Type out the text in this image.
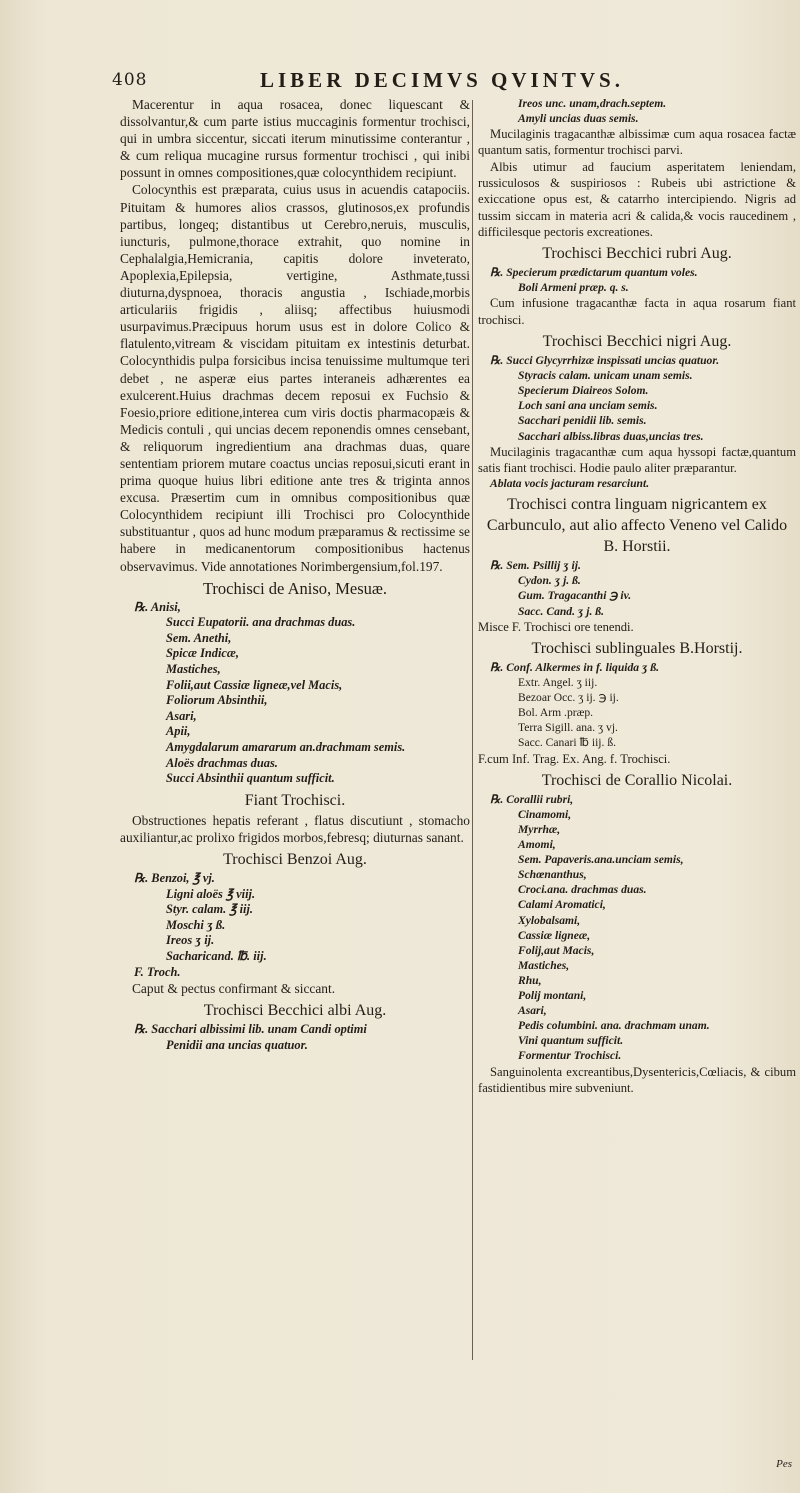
408	LIBER DECIMVS QVINTVS.

Macerentur in aqua rosacea, donec liquescant & dissolvantur,& cum parte istius muccaginis formentur trochisci, qui in umbra siccentur, siccati iterum minutissime conterantur , & cum reliqua mucagine rursus formentur trochisci , qui inibi possunt in omnes compositiones,quæ colocynthidem recipiunt.

Colocynthis est præparata, cuius usus in acuendis catapociis. Pituitam & humores alios crassos, glutinosos,ex profundis partibus, longeq; distantibus ut Cerebro,neruis, musculis, iuncturis, pulmone,thorace extrahit, quo nomine in Cephalalgia,Hemicrania, capitis dolore inveterato, Apoplexia,Epilepsia, vertigine, Asthmate,tussi diuturna,dyspnoea, thoracis angustia , Ischiade,morbis articulariis frigidis , aliisq; affectibus huiusmodi usurpavimus.Præcipuus horum usus est in dolore Colico & flatulento,vitream & viscidam pituitam ex intestinis deturbat. Colocynthidis pulpa forsicibus incisa tenuissime multumque teri debet , ne asperæ eius partes interaneis adhærentes ea exulcerent.Huius drachmas decem reposui ex Fuchsio & Foesio,priore editione,interea cum viris doctis pharmacopæis & Medicis contuli , qui uncias decem reponendis omnes censebant, & reliquorum ingredientium ana drachmas duas, quare sententiam priorem mutare coactus uncias reposui,sicuti erant in prima quoque huius libri editione ante tres & triginta annos excusa. Præsertim cum in omnibus compositionibus quæ Colocynthidem recipiunt illi Trochisci pro Colocynthide substituantur , quos ad hunc modum præparamus & rectissime se habere in medicanentorum compositionibus hactenus observavimus. Vide annotationes Norimbergensium,fol.197.

Trochisci de Aniso, Mesuæ.
℞. Anisi,
Succi Eupatorii. ana drachmas duas.
Sem. Anethi,
Spicæ Indicæ,
Mastiches,
Folii,aut Cassiæ ligneæ,vel Macis,
Foliorum Absinthii,
Asari,
Apii,
Amygdalarum amararum an.drachmam semis.
Aloës drachmas duas.
Succi Absinthii quantum sufficit.
Fiant Trochisci.

Obstructiones hepatis referant , flatus discutiunt , stomacho auxiliantur,ac prolixo frigidos morbos,febresq; diuturnas sanant.

Trochisci Benzoi Aug.
℞. Benzoi, ℥ vj.
Ligni aloës ℥ viij.
Styr. calam. ℥ iij.
Moschi ʒ ß.
Ireos ʒ ij.
Sacharicand. ℔. iij.
F. Troch.

Caput & pectus confirmant & siccant.

Trochisci Becchici albi Aug.
℞. Sacchari albissimi lib. unam Candi optimi
Penidii ana uncias quatuor.
Ireos unc. unam,drach.septem.
Amyli uncias duas semis.

Mucilaginis tragacanthæ albissimæ cum aqua rosacea factæ quantum satis, formentur trochisci parvi.

Albis utimur ad faucium asperitatem leniendam, russiculosos & suspiriosos : Rubeis ubi astrictione & exiccatione opus est, & catarrho intercipiendo. Nigris ad tussim siccam in materia acri & calida,& vocis raucedinem , difficilesque pectoris excreationes.

Trochisci Becchici rubri Aug.
℞. Specierum prædictarum quantum voles.
Boli Armeni præp. q. s.

Cum infusione tragacanthæ facta in aqua rosarum fiant trochisci.

Trochisci Becchici nigri Aug.
℞. Succi Glycyrrhizæ inspissati uncias quatuor.
Styracis calam. unicam unam semis.
Specierum Diaireos Solom.
Loch sani ana unciam semis.
Sacchari penidii lib. semis.
Sacchari albiss.libras duas,uncias tres.

Mucilaginis tragacanthæ cum aqua hyssopi factæ,quantum satis fiant trochisci. Hodie paulo aliter præparantur.

Ablata vocis jacturam resarciunt.
Trochisci contra linguam nigricantem ex Carbunculo, aut alio affecto Veneno vel Calido B. Horstii.
℞. Sem. Psillij ʒ ij.
Cydon. ʒ j. ß.
Gum. Tragacanthi ℈ iv.
Sacc. Cand. ʒ j. ß.

Misce F. Trochisci ore tenendi.

Trochisci sublinguales B.Horstij.
℞. Conf. Alkermes in f. liquida ʒ ß.
Extr. Angel. ʒ iij.
Bezoar Occ. ʒ ij. ℈ ij.
Bol. Arm .præp.
Terra Sigill. ana. ʒ vj.
Sacc. Canari ℔ iij. ß.

F.cum Inf. Trag. Ex. Ang. f. Trochisci.

Trochisci de Corallio Nicolai.
℞. Corallii rubri,
Cinamomi,
Myrrhæ,
Amomi,
Sem. Papaveris.ana.unciam semis,
Schœnanthus,
Croci.ana. drachmas duas.
Calami Aromatici,
Xylobalsami,
Cassiæ ligneæ,
Folij,aut Macis,
Mastiches,
Rhu,
Polij montani,
Asari,
Pedis columbini. ana. drachmam unam.
Vini quantum sufficit.
Formentur Trochisci.

Sanguinolenta excreantibus,Dysentericis,Cœliacis, & cibum fastidientibus mire subveniunt.

Pes
